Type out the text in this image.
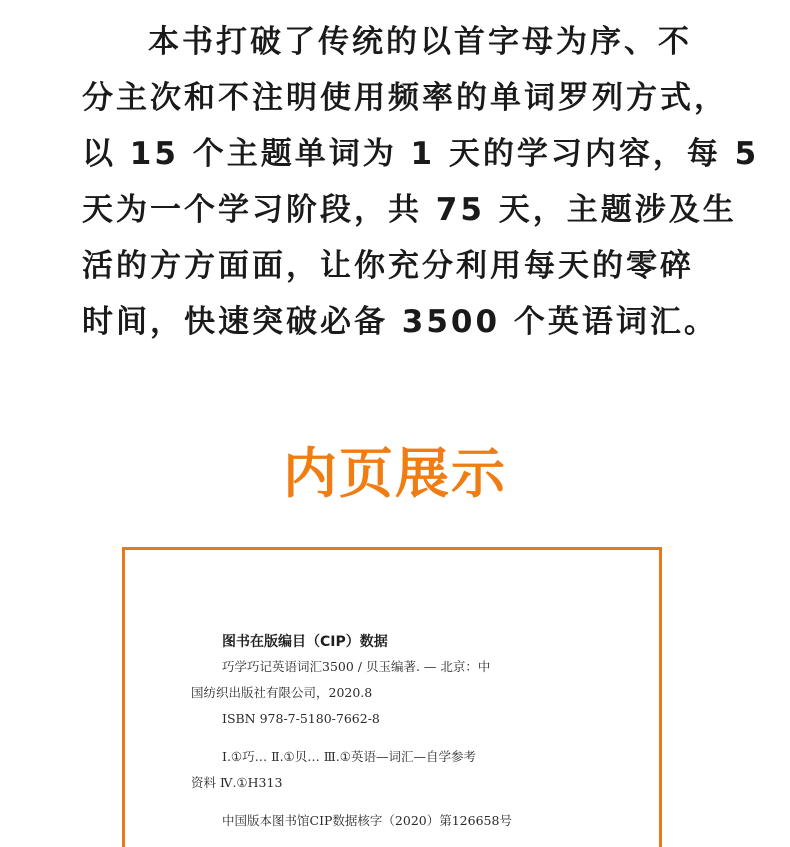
本书打破了传统的以首字母为序、不
分主次和不注明使用频率的单词罗列方式，
以 15 个主题单词为 1 天的学习内容，每 5
天为一个学习阶段，共 75 天，主题涉及生
活的方方面面，让你充分利用每天的零碎
时间，快速突破必备 3500 个英语词汇。
内页展示
图书在版编目（CIP）数据
巧学巧记英语词汇3500 / 贝玉编著. — 北京：中
国纺织出版社有限公司，2020.8
ISBN 978-7-5180-7662-8
Ⅰ.①巧… Ⅱ.①贝… Ⅲ.①英语—词汇—自学参考
资料 Ⅳ.①H313
中国版本图书馆CIP数据核字（2020）第126658号
